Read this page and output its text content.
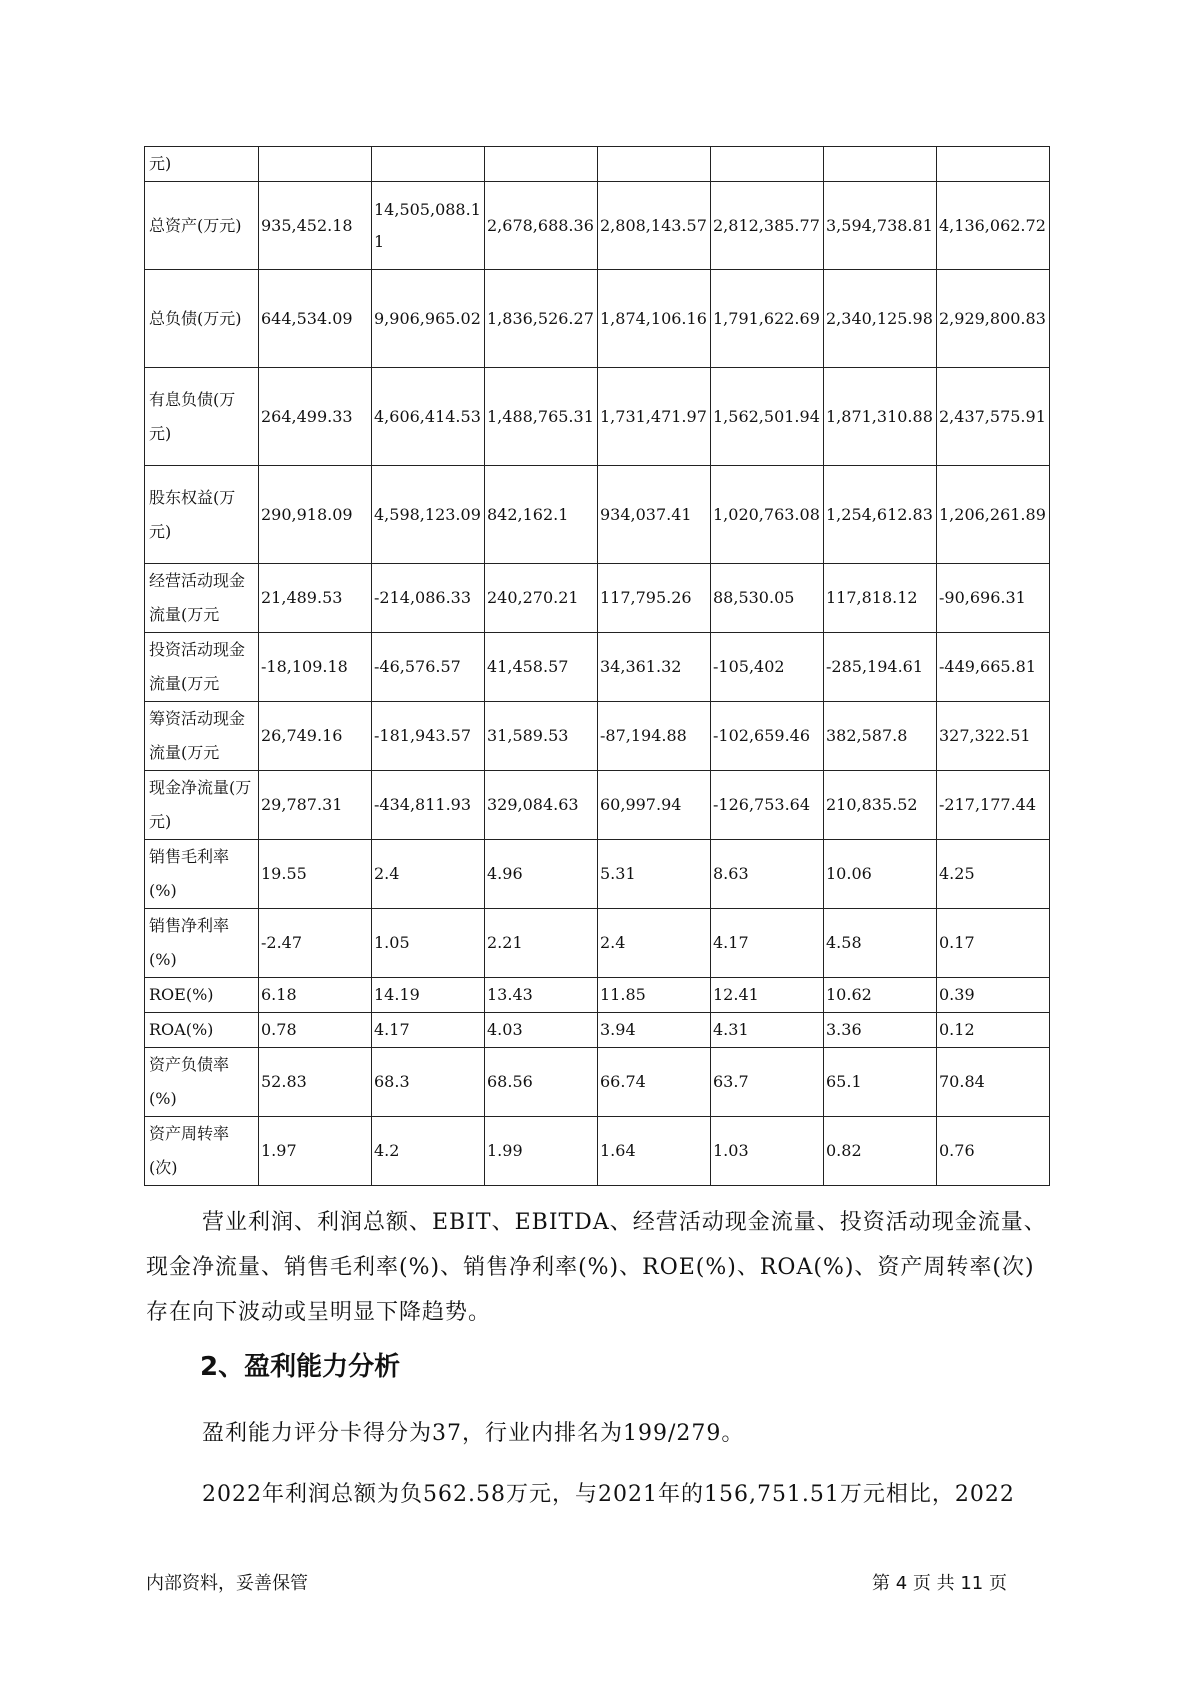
元)							
总资产(万元)	935,452.18	14,505,088.11	2,678,688.36	2,808,143.57	2,812,385.77	3,594,738.81	4,136,062.72
总负债(万元)	644,534.09	9,906,965.02	1,836,526.27	1,874,106.16	1,791,622.69	2,340,125.98	2,929,800.83
有息负债(万元)	264,499.33	4,606,414.53	1,488,765.31	1,731,471.97	1,562,501.94	1,871,310.88	2,437,575.91
股东权益(万元)	290,918.09	4,598,123.09	842,162.1	934,037.41	1,020,763.08	1,254,612.83	1,206,261.89
经营活动现金流量(万元	21,489.53	-214,086.33	240,270.21	117,795.26	88,530.05	117,818.12	-90,696.31
投资活动现金流量(万元	-18,109.18	-46,576.57	41,458.57	34,361.32	-105,402	-285,194.61	-449,665.81
筹资活动现金流量(万元	26,749.16	-181,943.57	31,589.53	-87,194.88	-102,659.46	382,587.8	327,322.51
现金净流量(万元)	29,787.31	-434,811.93	329,084.63	60,997.94	-126,753.64	210,835.52	-217,177.44
销售毛利率(%)	19.55	2.4	4.96	5.31	8.63	10.06	4.25
销售净利率(%)	-2.47	1.05	2.21	2.4	4.17	4.58	0.17
ROE(%)	6.18	14.19	13.43	11.85	12.41	10.62	0.39
ROA(%)	0.78	4.17	4.03	3.94	4.31	3.36	0.12
资产负债率(%)	52.83	68.3	68.56	66.74	63.7	65.1	70.84
资产周转率(次)	1.97	4.2	1.99	1.64	1.03	0.82	0.76

营业利润、利润总额、EBIT、EBITDA、经营活动现金流量、投资活动现金流量、现金净流量、销售毛利率(%)、销售净利率(%)、ROE(%)、ROA(%)、资产周转率(次)存在向下波动或呈明显下降趋势。

2、盈利能力分析

盈利能力评分卡得分为37，行业内排名为199/279。

2022年利润总额为负562.58万元，与2021年的156,751.51万元相比，2022

内部资料，妥善保管	第 4 页 共 11 页
